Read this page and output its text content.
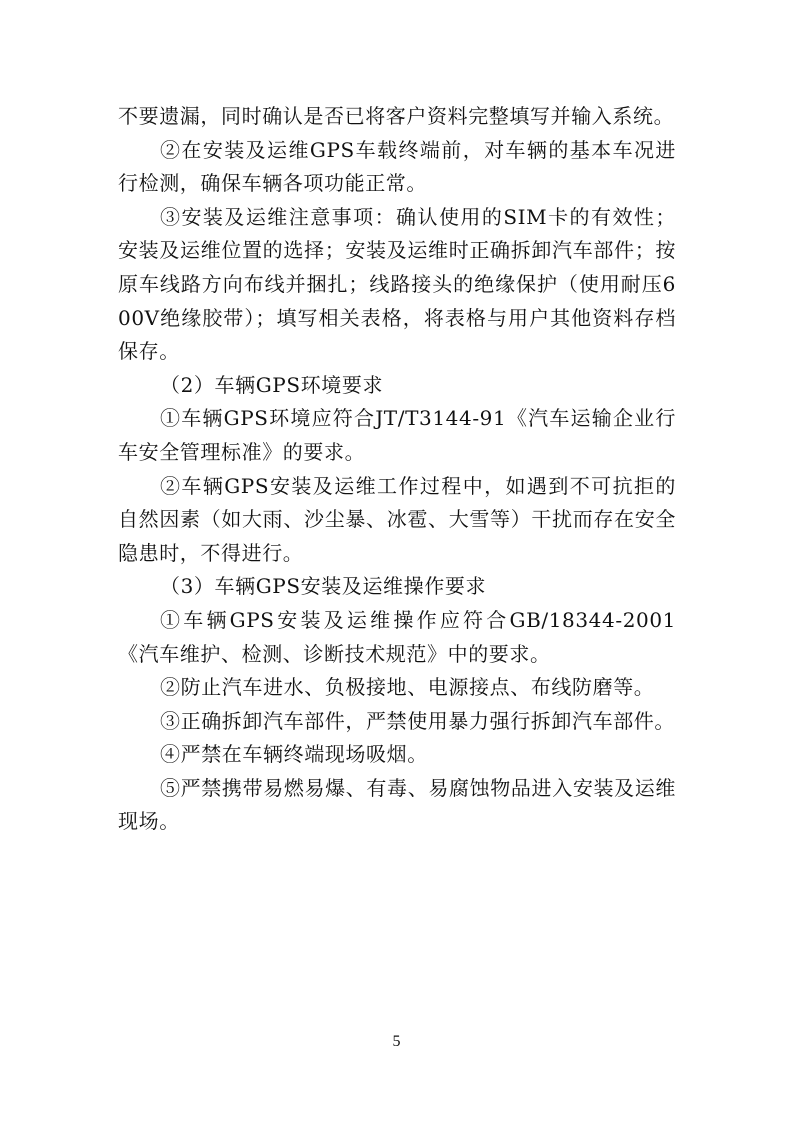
不要遗漏，同时确认是否已将客户资料完整填写并输入系统。

②在安装及运维GPS车载终端前，对车辆的基本车况进行检测，确保车辆各项功能正常。

③安装及运维注意事项：确认使用的SIM卡的有效性；安装及运维位置的选择；安装及运维时正确拆卸汽车部件；按原车线路方向布线并捆扎；线路接头的绝缘保护（使用耐压600V绝缘胶带）；填写相关表格，将表格与用户其他资料存档保存。

（2）车辆GPS环境要求

①车辆GPS环境应符合JT/T3144-91《汽车运输企业行车安全管理标准》的要求。

②车辆GPS安装及运维工作过程中，如遇到不可抗拒的自然因素（如大雨、沙尘暴、冰雹、大雪等）干扰而存在安全隐患时，不得进行。

（3）车辆GPS安装及运维操作要求

①车辆GPS安装及运维操作应符合GB/18344-2001《汽车维护、检测、诊断技术规范》中的要求。

②防止汽车进水、负极接地、电源接点、布线防磨等。

③正确拆卸汽车部件，严禁使用暴力强行拆卸汽车部件。

④严禁在车辆终端现场吸烟。

⑤严禁携带易燃易爆、有毒、易腐蚀物品进入安装及运维现场。

5
